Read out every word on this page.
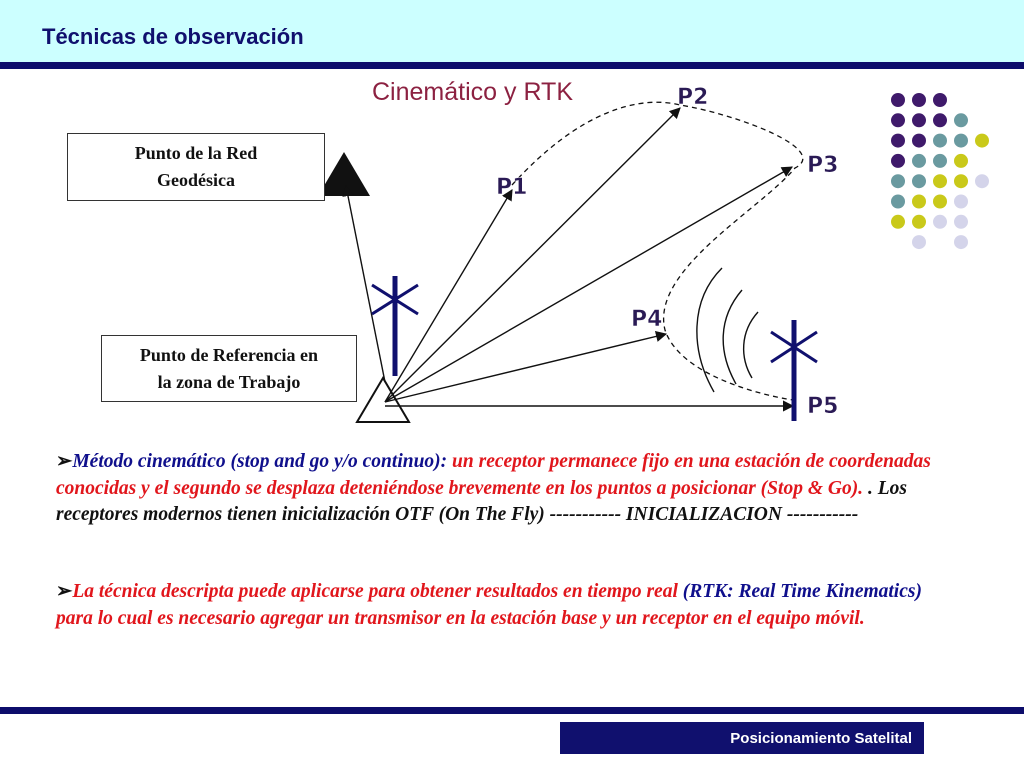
Técnicas de observación
Cinemático y RTK
P1
P2
P3
P4
P5
Punto de la Red
Geodésica
Punto de Referencia en
la zona de Trabajo
➢Método cinemático (stop and go y/o continuo): un receptor permanece fijo en una estación de coordenadas conocidas y el segundo se desplaza deteniéndose brevemente en los puntos a posicionar (Stop & Go). . Los receptores modernos tienen inicialización OTF (On The Fly) ----------- INICIALIZACION -----------
➢La técnica descripta puede aplicarse para obtener resultados en tiempo real (RTK: Real Time Kinematics) para lo cual es necesario agregar un transmisor en la estación base y un receptor en el equipo móvil.
Posicionamiento Satelital
